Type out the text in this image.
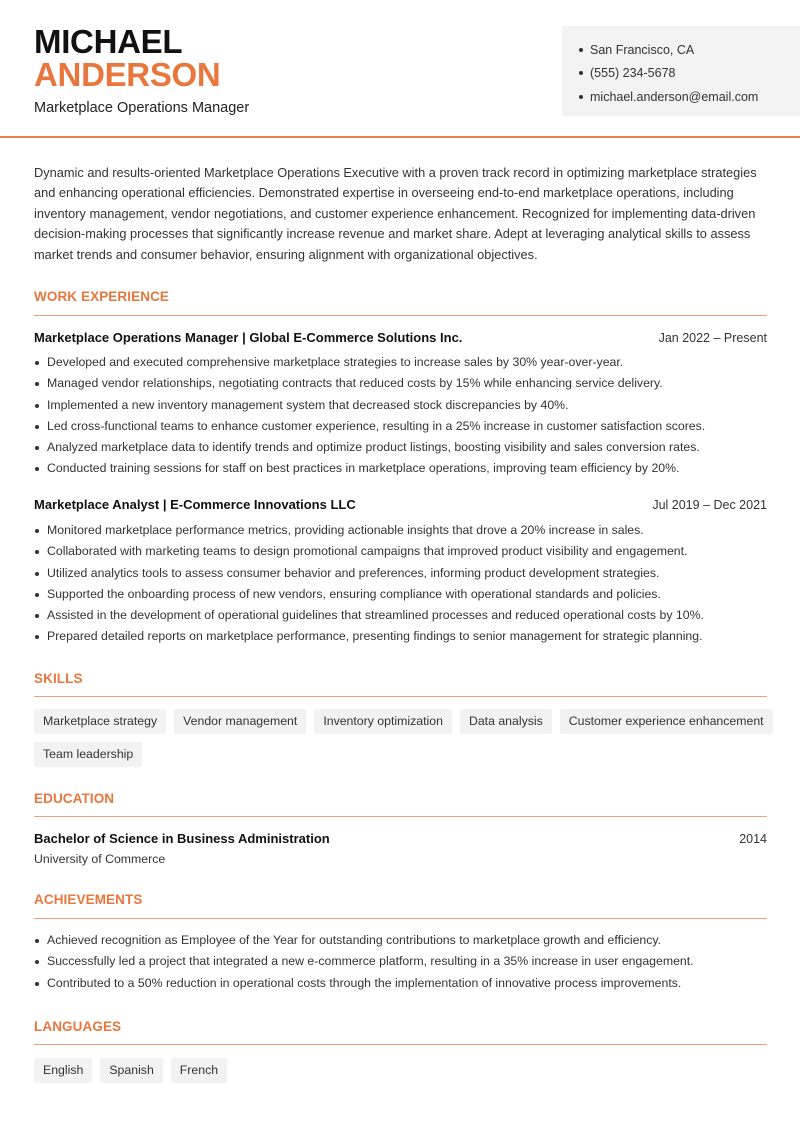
MICHAEL
ANDERSON
Marketplace Operations Manager
San Francisco, CA
(555) 234-5678
michael.anderson@email.com

Dynamic and results-oriented Marketplace Operations Executive with a proven track record in optimizing marketplace strategies and enhancing operational efficiencies. Demonstrated expertise in overseeing end-to-end marketplace operations, including inventory management, vendor negotiations, and customer experience enhancement. Recognized for implementing data-driven decision-making processes that significantly increase revenue and market share. Adept at leveraging analytical skills to assess market trends and consumer behavior, ensuring alignment with organizational objectives.

WORK EXPERIENCE
Marketplace Operations Manager | Global E-Commerce Solutions Inc.	Jan 2022 – Present
Developed and executed comprehensive marketplace strategies to increase sales by 30% year-over-year.
Managed vendor relationships, negotiating contracts that reduced costs by 15% while enhancing service delivery.
Implemented a new inventory management system that decreased stock discrepancies by 40%.
Led cross-functional teams to enhance customer experience, resulting in a 25% increase in customer satisfaction scores.
Analyzed marketplace data to identify trends and optimize product listings, boosting visibility and sales conversion rates.
Conducted training sessions for staff on best practices in marketplace operations, improving team efficiency by 20%.
Marketplace Analyst | E-Commerce Innovations LLC	Jul 2019 – Dec 2021
Monitored marketplace performance metrics, providing actionable insights that drove a 20% increase in sales.
Collaborated with marketing teams to design promotional campaigns that improved product visibility and engagement.
Utilized analytics tools to assess consumer behavior and preferences, informing product development strategies.
Supported the onboarding process of new vendors, ensuring compliance with operational standards and policies.
Assisted in the development of operational guidelines that streamlined processes and reduced operational costs by 10%.
Prepared detailed reports on marketplace performance, presenting findings to senior management for strategic planning.
SKILLS
Marketplace strategy	Vendor management	Inventory optimization	Data analysis	Customer experience enhancement
Team leadership
EDUCATION
Bachelor of Science in Business Administration	2014
University of Commerce
ACHIEVEMENTS
Achieved recognition as Employee of the Year for outstanding contributions to marketplace growth and efficiency.
Successfully led a project that integrated a new e-commerce platform, resulting in a 35% increase in user engagement.
Contributed to a 50% reduction in operational costs through the implementation of innovative process improvements.
LANGUAGES
English	Spanish	French
